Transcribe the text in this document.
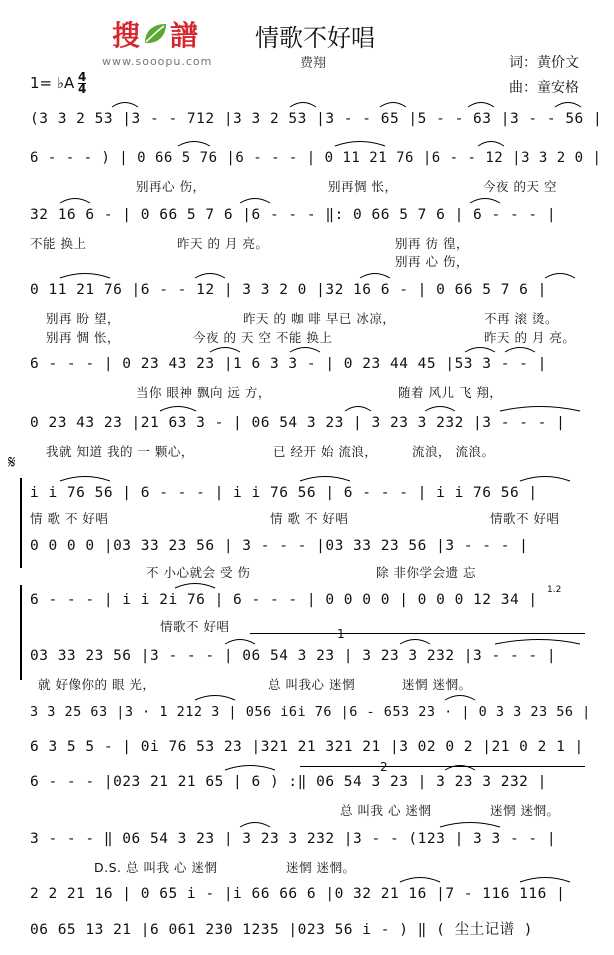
搜 譜
www.sooopu.com
情歌不好唱
费翔	词：黄价文
曲：童安格
1= ♭A $\frac{4}{4}$
(3 3 2 53 |3 - - 712 |3 3 2 53 |3 - - 65 |5 - - 63 |3 - - 56 |
6 - - - ) | 0 66 5 76 |6 - - - | 0 11 21 76 |6 - - 12 |3 3 2 0 |
别再心 伤，	别再惆 怅，	今夜 的天 空
32 16 6 - | 0 66 5 7 6 |6 - - - ‖: 0 66 5 7 6 | 6 - - - |
不能 换上	昨天 的 月 亮。	别再 彷 徨，
别再 心 伤，
0 11 21 76 |6 - - 12 | 3 3 2 0 |32 16 6 - | 0 66 5 7 6 |
别再 盼 望，	昨天 的 咖 啡 早已 冰凉，	不再 滚 烫。
别再 惆 怅，	今夜 的 天 空 不能 换上	昨天 的 月 亮。
6 - - - | 0 23 43 23 |1 6 3 3 - | 0 23 44 45 |53 3 - - |
当你 眼神 飘向 远 方，	随着 风儿 飞 翔，
0 23 43 23 |21 63 3 - | 06 54 3 23 | 3 23 3 232 |3 - - - |
我就 知道 我的 一 颗心，	已 经开 始 流浪，	流浪， 流浪。
𝄋
i i 76 56 | 6 - - - | i i 76 56 | 6 - - - | i i 76 56 |
情 歌 不 好唱	情 歌 不 好唱	情歌不 好唱
0 0 0 0 |03 33 23 56 | 3 - - - |03 33 23 56 |3 - - - |
不 小心就会 受 伤	除 非你学会遗 忘
6 - - - | i i 2i 76 | 6 - - - | 0 0 0 0 | 0 0 0 12 34 |
情歌不 好唱	1
03 33 23 56 |3 - - - | 06 54 3 23 | 3 23 3 232 |3 - - - |
就 好像你的 眼 光，	总 叫我心 迷惘	迷惘 迷惘。
3 3 25 63 |3 · 1 212 3 | 056 i6i 76 |6 - 653 23 · | 0 3 3 23 56 |
6 3 5 5 - | 0i 76 53 23 |321 21 321 21 |3 02 0 2 |21 0 2 1 |
2
6 - - - |023 21 21 65 | 6 ) :‖ 06 54 3 23 | 3 23 3 232 |
总 叫我 心 迷惘	迷惘 迷惘。
3 - - - ‖ 06 54 3 23 | 3 23 3 232 |3 - - (123 | 3 3 - - |
D.S. 总 叫我 心 迷惘	迷惘 迷惘。
2 2 21 16 | 0 65 i - |i 66 66 6 |0 32 21 16 |7 - 116 116 |
06 65 13 21 |6 061 230 1235 |023 56 i - ) ‖ ( 尘土记谱 )
1.2
